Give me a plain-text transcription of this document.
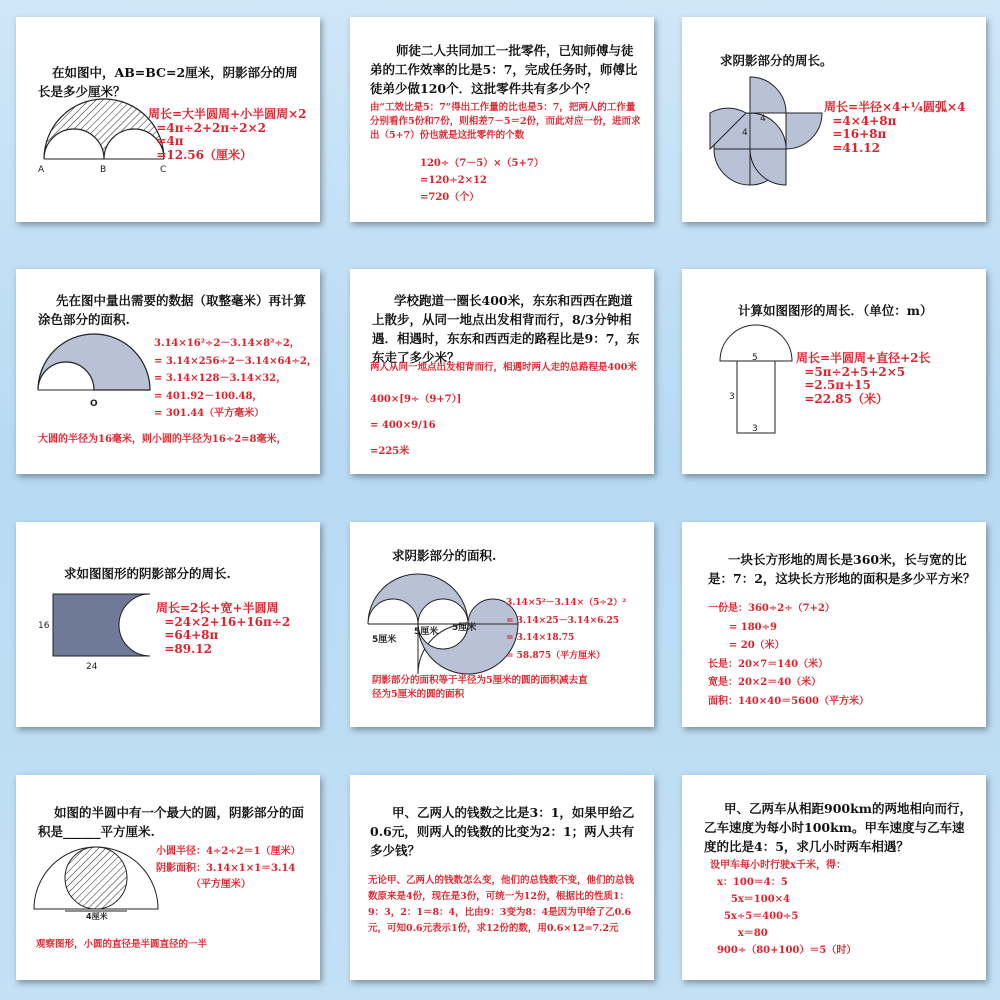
在如图中，AB=BC=2厘米，阴影部分的周长是多少厘米？
A	B	C
周长=大半圆周+小半圆周×2
=4π÷2+2π÷2×2
=4π
=12.56（厘米）
师徒二人共同加工一批零件，已知师傅与徒弟的工作效率的比是5：7，完成任务时，师傅比徒弟少做120个．这批零件共有多少个？
由“工效比是5：7”得出工作量的比也是5：7，把两人的工作量分别看作5份和7份，则相差7－5＝2份，而此对应一份，进而求出（5+7）份也就是这批零件的个数
120÷（7－5）×（5+7）
=120÷2×12
=720（个）
求阴影部分的周长。
4
4
周长=半径×4+¼圆弧×4
=4×4+8π
=16+8π
=41.12
先在图中量出需要的数据（取整毫米）再计算涂色部分的面积.
O
3.14×16²÷2－3.14×8²÷2，
= 3.14×256÷2－3.14×64÷2，
= 3.14×128－3.14×32，
= 401.92－100.48，
= 301.44（平方毫米）
大圆的半径为16毫米，则小圆的半径为16÷2=8毫米，
学校跑道一圈长400米，东东和西西在跑道上散步，从同一地点出发相背而行，8/3分钟相遇．相遇时，东东和西西走的路程比是9：7，东东走了多少米？
两人从同一地点出发相背而行，相遇时两人走的总路程是400米
400×[9÷（9+7）]

= 400×9/16

=225米
计算如图图形的周长．（单位：m）
5
3
3
周长=半圆周+直径+2长
=5π÷2+5+2×5
=2.5π+15
=22.85（米）
求如图图形的阴影部分的周长.
16
24
周长=2长+宽+半圆周
=24×2+16+16π÷2
=64+8π
=89.12
求阴影部分的面积.
5厘米
5厘米 5厘米
3.14×5²－3.14×（5÷2）²
= 3.14×25－3.14×6.25
= 3.14×18.75
= 58.875（平方厘米）
阴影部分的面积等于半径为5厘米的圆的面积减去直径为5厘米的圆的面积
一块长方形地的周长是360米，长与宽的比是：7：2，这块长方形地的面积是多少平方米？
一份是：360÷2÷（7+2）
= 180÷9
= 20（米）
长是：20×7＝140（米）
宽是：20×2＝40（米）
面积：140×40＝5600（平方米）
如图的半圆中有一个最大的圆，阴影部分的面积是______平方厘米.
4厘米
小圆半径：4÷2÷2＝1（厘米）
阴影面积：3.14×1×1＝3.14
（平方厘米）
观察图形，小圆的直径是半圆直径的一半
甲、乙两人的钱数之比是3：1，如果甲给乙0.6元，则两人的钱数的比变为2：1；两人共有多少钱？
无论甲、乙两人的钱数怎么变，他们的总钱数不变，他们的总钱数原来是4份，现在是3份，可统一为12份，根据比的性质1：9：3，2：1＝8：4，比由9：3变为8：4是因为甲给了乙0.6元，可知0.6元表示1份，求12份的数，用0.6×12=7.2元
甲、乙两车从相距900km的两地相向而行，乙车速度为每小时100km。甲车速度与乙车速度的比是4：5，求几小时两车相遇？
设甲车每小时行驶x千米，得：
x：100＝4：5
5x＝100×4
5x÷5＝400÷5
x＝80
900÷（80+100）＝5（时）
